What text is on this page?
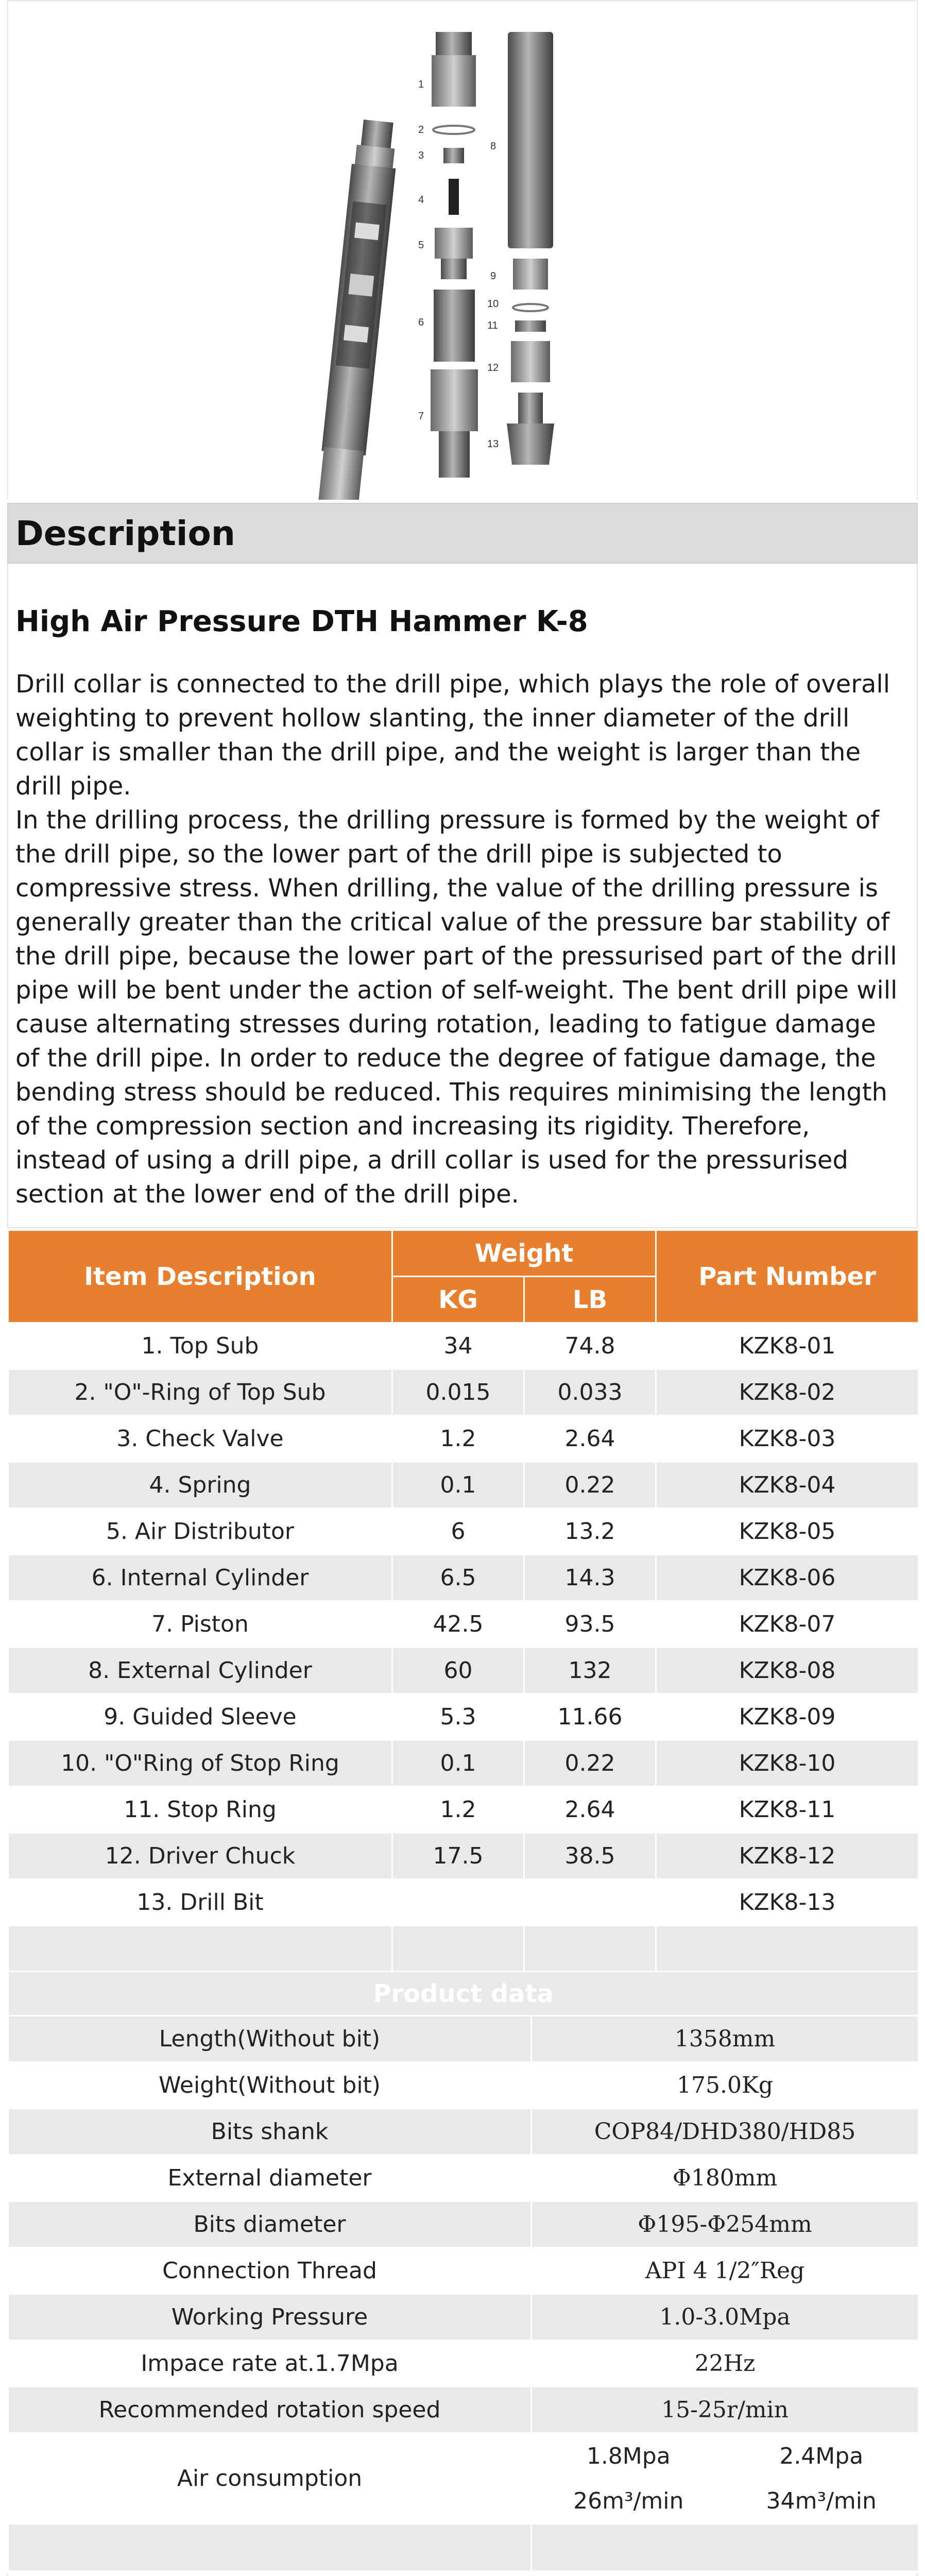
1
2
3
4
5
6
7
8
9
10
11
12
13
Description
High Air Pressure DTH Hammer K-8

Drill collar is connected to the drill pipe, which plays the role of overall weighting to prevent hollow slanting, the inner diameter of the drill collar is smaller than the drill pipe, and the weight is larger than the drill pipe.

In the drilling process, the drilling pressure is formed by the weight of the drill pipe, so the lower part of the drill pipe is subjected to compressive stress. When drilling, the value of the drilling pressure is generally greater than the critical value of the pressure bar stability of the drill pipe, because the lower part of the pressurised part of the drill pipe will be bent under the action of self-weight. The bent drill pipe will cause alternating stresses during rotation, leading to fatigue damage of the drill pipe. In order to reduce the degree of fatigue damage, the bending stress should be reduced. This requires minimising the length of the compression section and increasing its rigidity. Therefore, instead of using a drill pipe, a drill collar is used for the pressurised section at the lower end of the drill pipe.

Item Description	Weight		Part Number
	KG	LB	
1. Top Sub	34	74.8	KZK8-01
2. "O"-Ring of Top Sub	0.015	0.033	KZK8-02
3. Check Valve	1.2	2.64	KZK8-03
4. Spring	0.1	0.22	KZK8-04
5. Air Distributor	6	13.2	KZK8-05
6. Internal Cylinder	6.5	14.3	KZK8-06
7. Piston	42.5	93.5	KZK8-07
8. External Cylinder	60	132	KZK8-08
9. Guided Sleeve	5.3	11.66	KZK8-09
10. "O"Ring of Stop Ring	0.1	0.22	KZK8-10
11. Stop Ring	1.2	2.64	KZK8-11
12. Driver Chuck	17.5	38.5	KZK8-12
13. Drill Bit			KZK8-13

Product data	
Length(Without bit)	1358mm
Weight(Without bit)	175.0Kg
Bits shank	COP84/DHD380/HD85
External diameter	Φ180mm
Bits diameter	Φ195-Φ254mm
Connection Thread	API 4 1/2″Reg
Working Pressure	1.0-3.0Mpa
Impace rate at.1.7Mpa	22Hz
Recommended rotation speed	15-25r/min
Air consumption	1.8Mpa 2.4Mpa
26m³/min 34m³/min
